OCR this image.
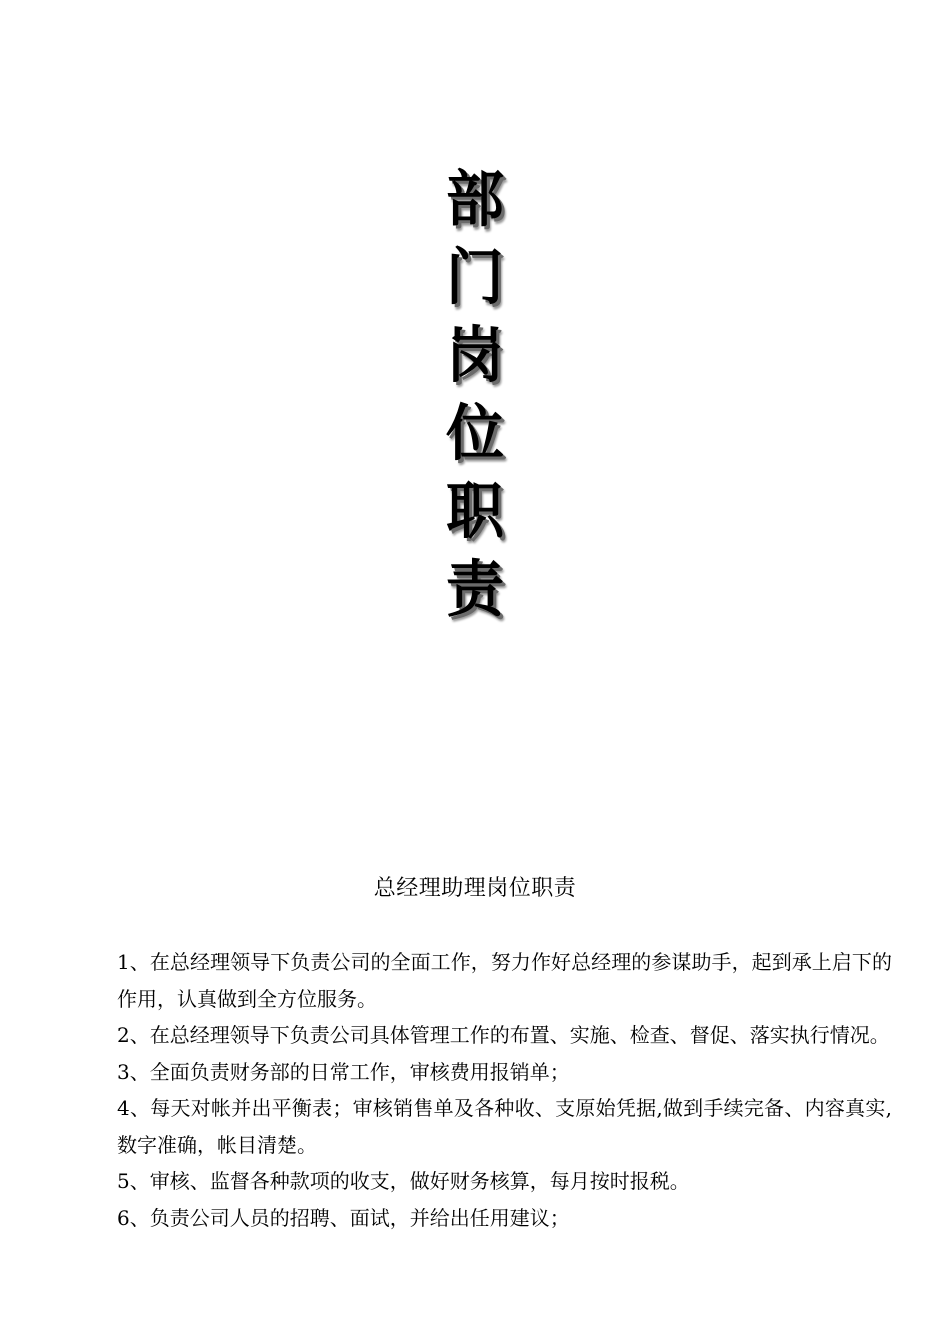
部
门
岗
位
职
责
总经理助理岗位职责
1、在总经理领导下负责公司的全面工作，努力作好总经理的参谋助手，起到承上启下的作用，认真做到全方位服务。
2、在总经理领导下负责公司具体管理工作的布置、实施、检查、督促、落实执行情况。
3、全面负责财务部的日常工作，审核费用报销单；
4、每天对帐并出平衡表；审核销售单及各种收、支原始凭据,做到手续完备、内容真实,数字准确，帐目清楚。
5、审核、监督各种款项的收支，做好财务核算，每月按时报税。
6、负责公司人员的招聘、面试，并给出任用建议；
